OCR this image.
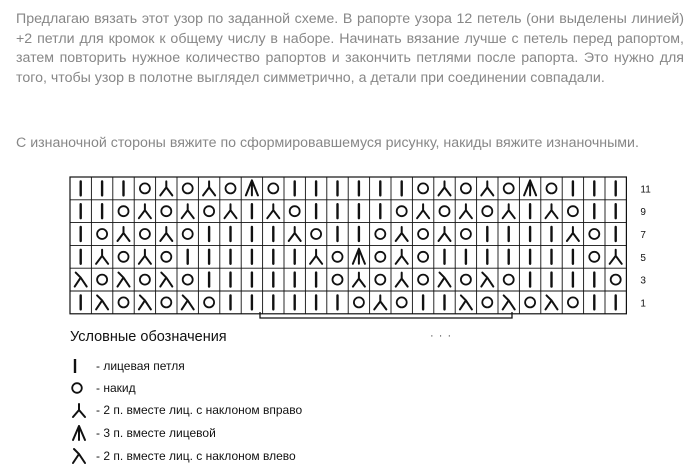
Предлагаю вязать этот узор по заданной схеме. В рапорте узора 12 петель (они выделены линией) +2 петли для кромок к общему числу в наборе. Начинать вязание лучше с петель перед рапортом, затем повторить нужное количество рапортов и закончить петлями после рапорта. Это нужно для того, чтобы узор в полотне выглядел симметрично, а детали при соединении совпадали.

С изнаночной стороны вяжите по сформировавшемуся рисунку, накиды вяжите изнаночными.

11
9
7
5
3
1
Условные обозначения	· · ·
- лицевая петля
- накид
- 2 п. вместе лиц. с наклоном вправо
- 3 п. вместе лицевой
- 2 п. вместе лиц. с наклоном влево
